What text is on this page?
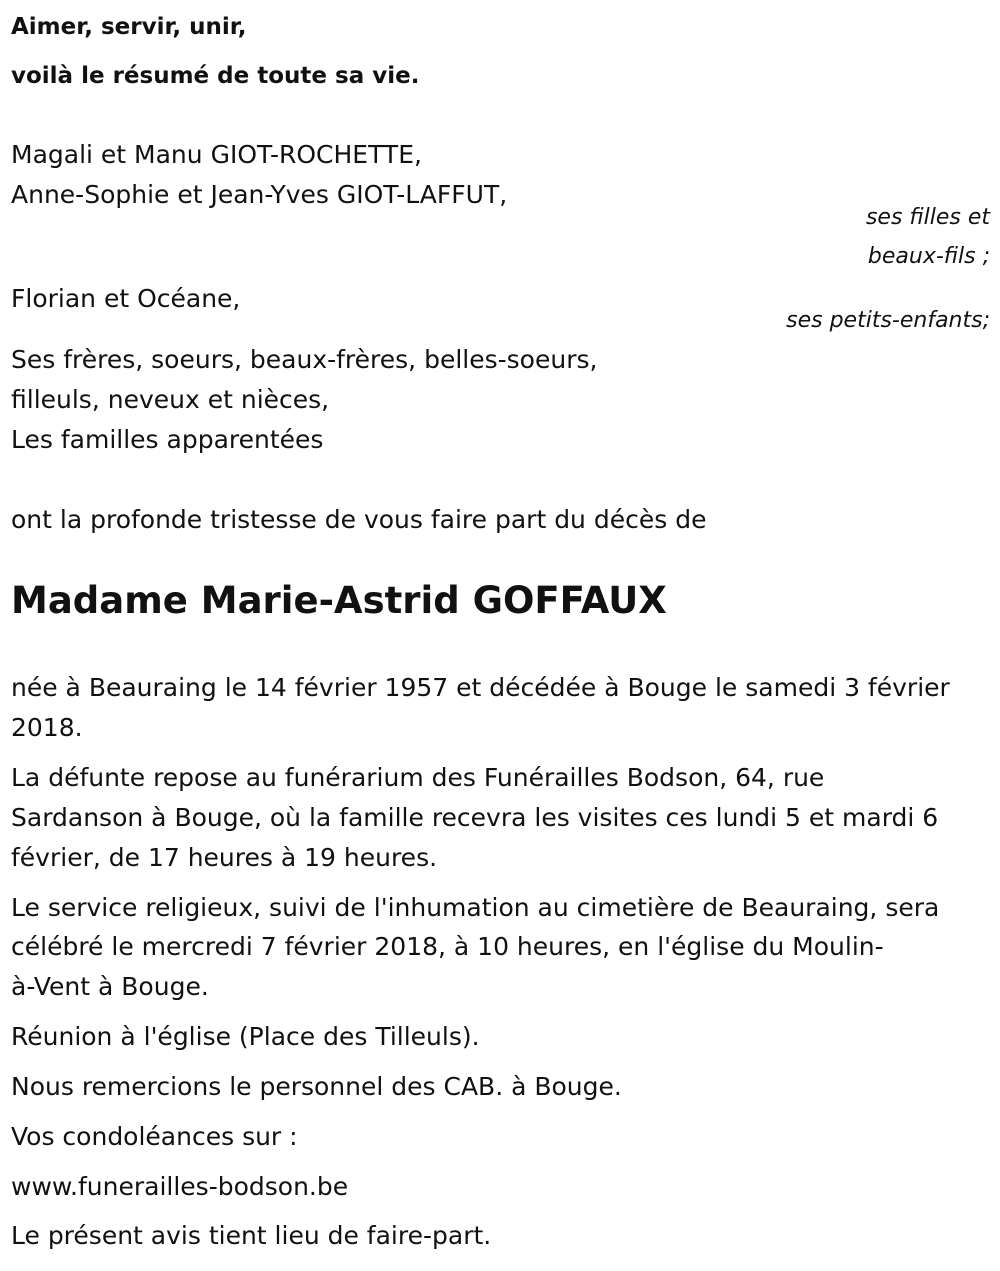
Aimer, servir, unir,
voilà le résumé de toute sa vie.
Magali et Manu GIOT-ROCHETTE,
Anne-Sophie et Jean-Yves GIOT-LAFFUT,
ses filles et
beaux-fils ;
Florian et Océane,
ses petits-enfants;
Ses frères, soeurs, beaux-frères, belles-soeurs,
filleuls, neveux et nièces,
Les familles apparentées
ont la profonde tristesse de vous faire part du décès de
Madame Marie-Astrid GOFFAUX
née à Beauraing le 14 février 1957 et décédée à Bouge le samedi 3 février
2018.
La défunte repose au funérarium des Funérailles Bodson, 64, rue
Sardanson à Bouge, où la famille recevra les visites ces lundi 5 et mardi 6
février, de 17 heures à 19 heures.
Le service religieux, suivi de l'inhumation au cimetière de Beauraing, sera
célébré le mercredi 7 février 2018, à 10 heures, en l'église du Moulin-
à-Vent à Bouge.
Réunion à l'église (Place des Tilleuls).
Nous remercions le personnel des CAB. à Bouge.
Vos condoléances sur :
www.funerailles-bodson.be
Le présent avis tient lieu de faire-part.
